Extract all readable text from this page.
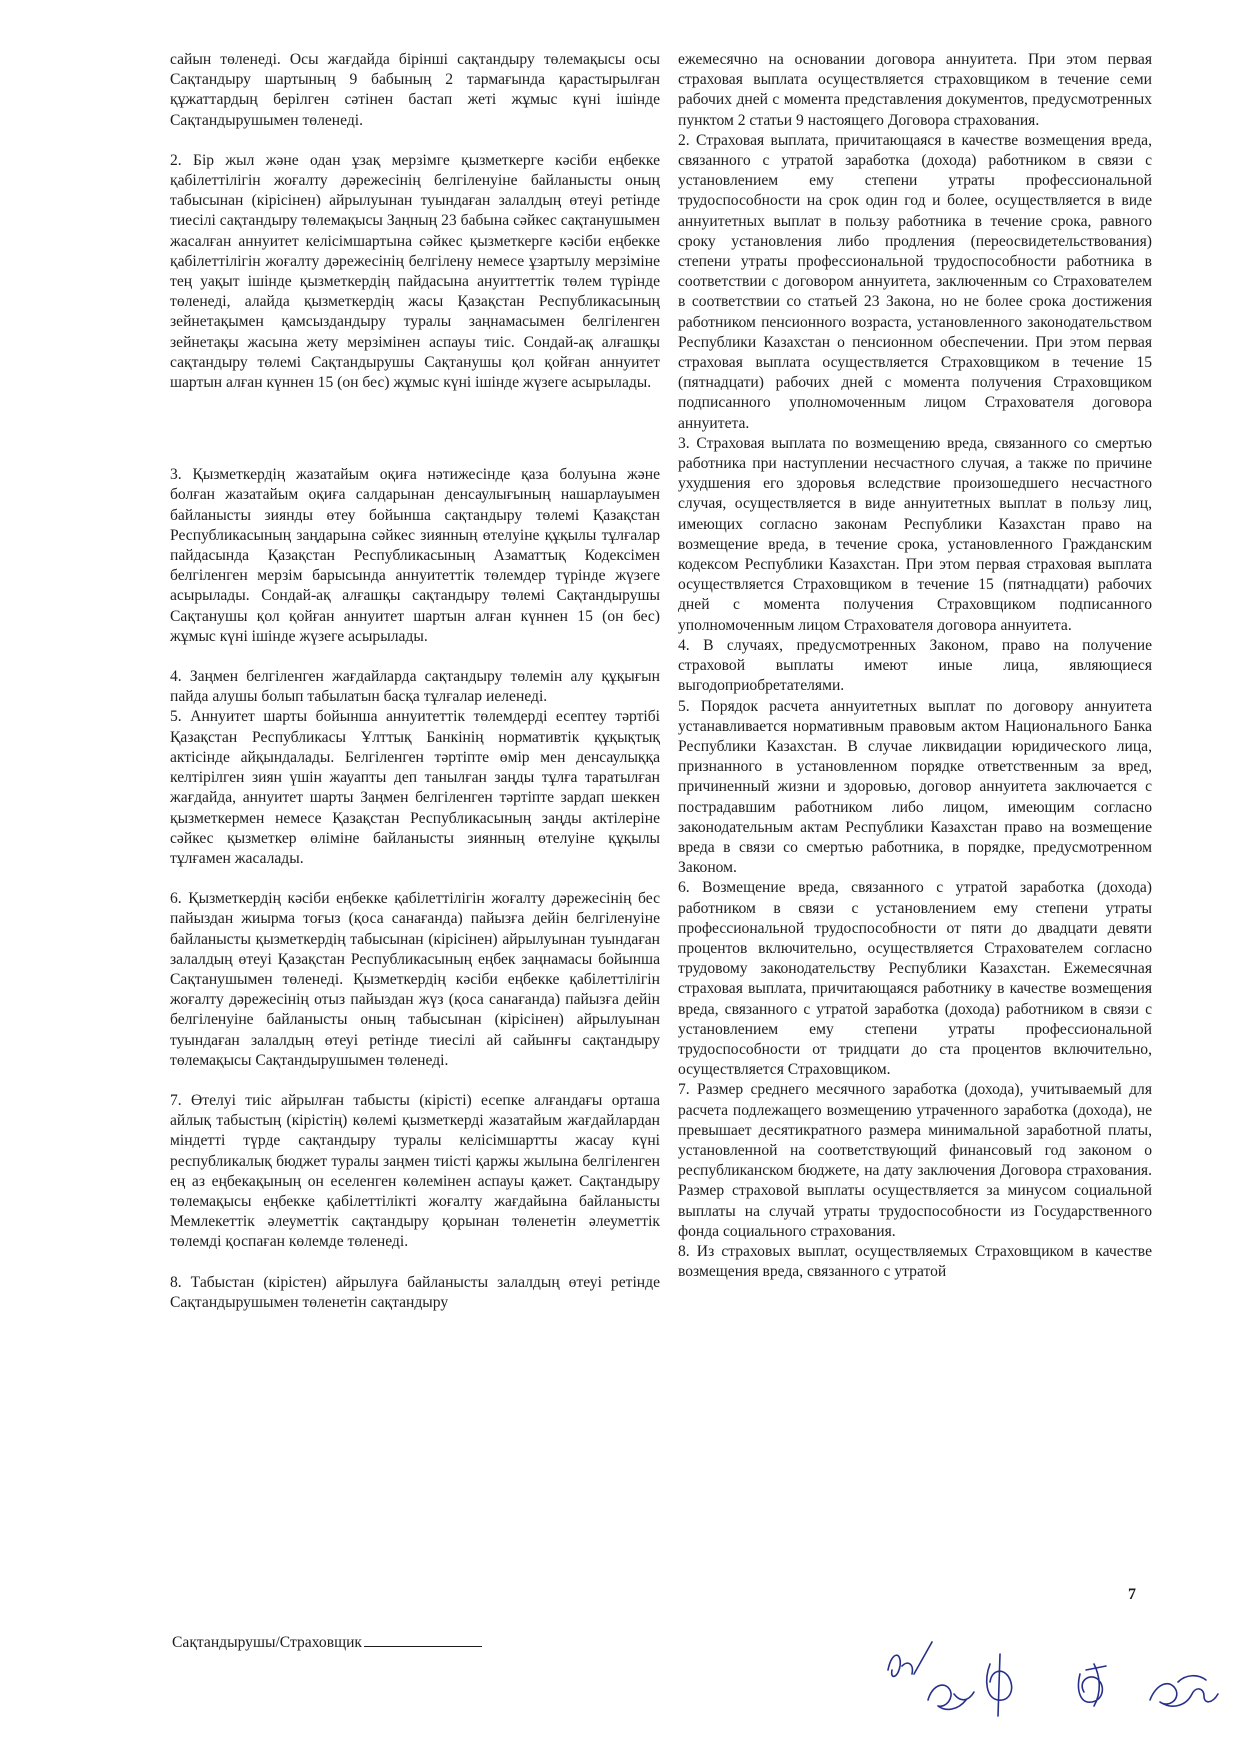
сайын төленеді. Осы жағдайда бірінші сақтандыру төлемақысы осы Сақтандыру шартының 9 бабының 2 тармағында қарастырылған құжаттардың берілген сәтінен бастап жеті жұмыс күні ішінде Сақтандырушымен төленеді.

2. Бір жыл және одан ұзақ мерзімге қызметкерге кәсіби еңбекке қабілеттілігін жоғалту дәрежесінің белгіленуіне байланысты оның табысынан (кірісінен) айрылуынан туындаған залалдың өтеуі ретінде тиесілі сақтандыру төлемақысы Заңның 23 бабына сәйкес сақтанушымен жасалған аннуитет келісімшартына сәйкес қызметкерге кәсіби еңбекке қабілеттілігін жоғалту дәрежесінің белгілену немесе ұзартылу мерзіміне тең уақыт ішінде қызметкердің пайдасына ануиттеттік төлем түрінде төленеді, алайда қызметкердің жасы Қазақстан Республикасының зейнетақымен қамсыздандыру туралы заңнамасымен белгіленген зейнетақы жасына жету мерзімінен аспауы тиіс. Сондай-ақ алғашқы сақтандыру төлемі Сақтандырушы Сақтанушы қол қойған аннуитет шартын алған күннен 15 (он бес) жұмыс күні ішінде жүзеге асырылады.

3. Қызметкердің жазатайым оқиға нәтижесінде қаза болуына және болған жазатайым оқиға салдарынан денсаулығының нашарлауымен байланысты зиянды өтеу бойынша сақтандыру төлемі Қазақстан Республикасының заңдарына сәйкес зиянның өтелуіне құқылы тұлғалар пайдасында Қазақстан Республикасының Азаматтық Кодексімен белгіленген мерзім барысында аннуитеттік төлемдер түрінде жүзеге асырылады. Сондай-ақ алғашқы сақтандыру төлемі Сақтандырушы Сақтанушы қол қойған аннуитет шартын алған күннен 15 (он бес) жұмыс күні ішінде жүзеге асырылады.

4. Заңмен белгіленген жағдайларда сақтандыру төлемін алу құқығын пайда алушы болып табылатын басқа тұлғалар иеленеді.

5. Аннуитет шарты бойынша аннуитеттік төлемдерді есептеу тәртібі Қазақстан Республикасы Ұлттық Банкінің нормативтік құқықтық актісінде айқындалады. Белгіленген тәртіпте өмір мен денсаулыққа келтірілген зиян үшін жауапты деп танылған заңды тұлға таратылған жағдайда, аннуитет шарты Заңмен белгіленген тәртіпте зардап шеккен қызметкермен немесе Қазақстан Республикасының заңды актілеріне сәйкес қызметкер өліміне байланысты зиянның өтелуіне құқылы тұлғамен жасалады.

6. Қызметкердің кәсіби еңбекке қабілеттілігін жоғалту дәрежесінің бес пайыздан жиырма тоғыз (қоса санағанда) пайызға дейін белгіленуіне байланысты қызметкердің табысынан (кірісінен) айрылуынан туындаған залалдың өтеуі Қазақстан Республикасының еңбек заңнамасы бойынша Сақтанушымен төленеді. Қызметкердің кәсіби еңбекке қабілеттілігін жоғалту дәрежесінің отыз пайыздан жүз (қоса санағанда) пайызға дейін белгіленуіне байланысты оның табысынан (кірісінен) айрылуынан туындаған залалдың өтеуі ретінде тиесілі ай сайынғы сақтандыру төлемақысы Сақтандырушымен төленеді.

7. Өтелуі тиіс айрылған табысты (кірісті) есепке алғандағы орташа айлық табыстың (кірістің) көлемі қызметкерді жазатайым жағдайлардан міндетті түрде сақтандыру туралы келісімшартты жасау күні республикалық бюджет туралы заңмен тиісті қаржы жылына белгіленген ең аз еңбекақының он еселенген көлемінен аспауы қажет. Сақтандыру төлемақысы еңбекке қабілеттілікті жоғалту жағдайына байланысты Мемлекеттік әлеуметтік сақтандыру қорынан төленетін әлеуметтік төлемді қоспаған көлемде төленеді.

8. Табыстан (кірістен) айрылуға байланысты залалдың өтеуі ретінде Сақтандырушымен төленетін сақтандыру

ежемесячно на основании договора аннуитета. При этом первая страховая выплата осуществляется страховщиком в течение семи рабочих дней с момента представления документов, предусмотренных пунктом 2 статьи 9 настоящего Договора страхования.

2. Страховая выплата, причитающаяся в качестве возмещения вреда, связанного с утратой заработка (дохода) работником в связи с установлением ему степени утраты профессиональной трудоспособности на срок один год и более, осуществляется в виде аннуитетных выплат в пользу работника в течение срока, равного сроку установления либо продления (переосвидетельствования) степени утраты профессиональной трудоспособности работника в соответствии с договором аннуитета, заключенным со Страхователем в соответствии со статьей 23 Закона, но не более срока достижения работником пенсионного возраста, установленного законодательством Республики Казахстан о пенсионном обеспечении. При этом первая страховая выплата осуществляется Страховщиком в течение 15 (пятнадцати) рабочих дней с момента получения Страховщиком подписанного уполномоченным лицом Страхователя договора аннуитета.

3. Страховая выплата по возмещению вреда, связанного со смертью работника при наступлении несчастного случая, а также по причине ухудшения его здоровья вследствие произошедшего несчастного случая, осуществляется в виде аннуитетных выплат в пользу лиц, имеющих согласно законам Республики Казахстан право на возмещение вреда, в течение срока, установленного Гражданским кодексом Республики Казахстан. При этом первая страховая выплата осуществляется Страховщиком в течение 15 (пятнадцати) рабочих дней с момента получения Страховщиком подписанного уполномоченным лицом Страхователя договора аннуитета.

4. В случаях, предусмотренных Законом, право на получение страховой выплаты имеют иные лица, являющиеся выгодоприобретателями.

5. Порядок расчета аннуитетных выплат по договору аннуитета устанавливается нормативным правовым актом Национального Банка Республики Казахстан. В случае ликвидации юридического лица, признанного в установленном порядке ответственным за вред, причиненный жизни и здоровью, договор аннуитета заключается с пострадавшим работником либо лицом, имеющим согласно законодательным актам Республики Казахстан право на возмещение вреда в связи со смертью работника, в порядке, предусмотренном Законом.

6. Возмещение вреда, связанного с утратой заработка (дохода) работником в связи с установлением ему степени утраты профессиональной трудоспособности от пяти до двадцати девяти процентов включительно, осуществляется Страхователем согласно трудовому законодательству Республики Казахстан. Ежемесячная страховая выплата, причитающаяся работнику в качестве возмещения вреда, связанного с утратой заработка (дохода) работником в связи с установлением ему степени утраты профессиональной трудоспособности от тридцати до ста процентов включительно, осуществляется Страховщиком.

7. Размер среднего месячного заработка (дохода), учитываемый для расчета подлежащего возмещению утраченного заработка (дохода), не превышает десятикратного размера минимальной заработной платы, установленной на соответствующий финансовый год законом о республиканском бюджете, на дату заключения Договора страхования. Размер страховой выплаты осуществляется за минусом социальной выплаты на случай утраты трудоспособности из Государственного фонда социального страхования.

8. Из страховых выплат, осуществляемых Страховщиком в качестве возмещения вреда, связанного с утратой

Сақтандырушы/Страховщик
7
